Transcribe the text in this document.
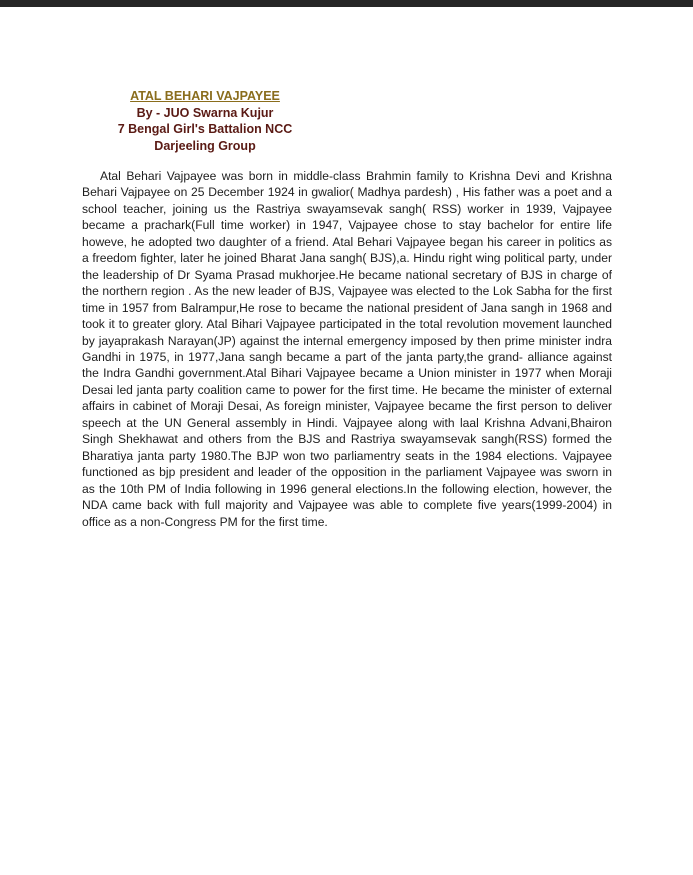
ATAL BEHARI VAJPAYEE
By - JUO Swarna Kujur
7 Bengal Girl's Battalion NCC
Darjeeling Group

Atal Behari Vajpayee was born in middle-class Brahmin family to Krishna Devi and Krishna Behari Vajpayee on 25 December 1924 in gwalior( Madhya pardesh) , His father was a poet and a school teacher, joining us the Rastriya swayamsevak sangh( RSS) worker in 1939, Vajpayee became a prachark(Full time worker) in 1947, Vajpayee chose to stay bachelor for entire life howeve, he adopted two daughter of a friend. Atal Behari Vajpayee began his career in politics as a freedom fighter, later he joined Bharat Jana sangh( BJS),a. Hindu right wing political party, under the leadership of Dr Syama Prasad mukhorjee.He became national secretary of BJS in charge of the northern region . As the new leader of BJS, Vajpayee was elected to the Lok Sabha for the first time in 1957 from Balrampur,He rose to became the national president of Jana sangh in 1968 and took it to greater glory. Atal Bihari Vajpayee participated in the total revolution movement launched by jayaprakash Narayan(JP) against the internal emergency imposed by then prime minister indra Gandhi in 1975, in 1977,Jana sangh became a part of the janta party,the grand- alliance against the Indra Gandhi government.Atal Bihari Vajpayee became a Union minister in 1977 when Moraji Desai led janta party coalition came to power for the first time. He became the minister of external affairs in cabinet of Moraji Desai, As foreign minister, Vajpayee became the first person to deliver speech at the UN General assembly in Hindi. Vajpayee along with laal Krishna Advani,Bhairon Singh Shekhawat and others from the BJS and Rastriya swayamsevak sangh(RSS) formed the Bharatiya janta party 1980.The BJP won two parliamentry seats in the 1984 elections. Vajpayee functioned as bjp president and leader of the opposition in the parliament Vajpayee was sworn in as the 10th PM of India following in 1996 general elections.In the following election, however, the NDA came back with full majority and Vajpayee was able to complete five years(1999-2004) in office as a non-Congress PM for the first time.
